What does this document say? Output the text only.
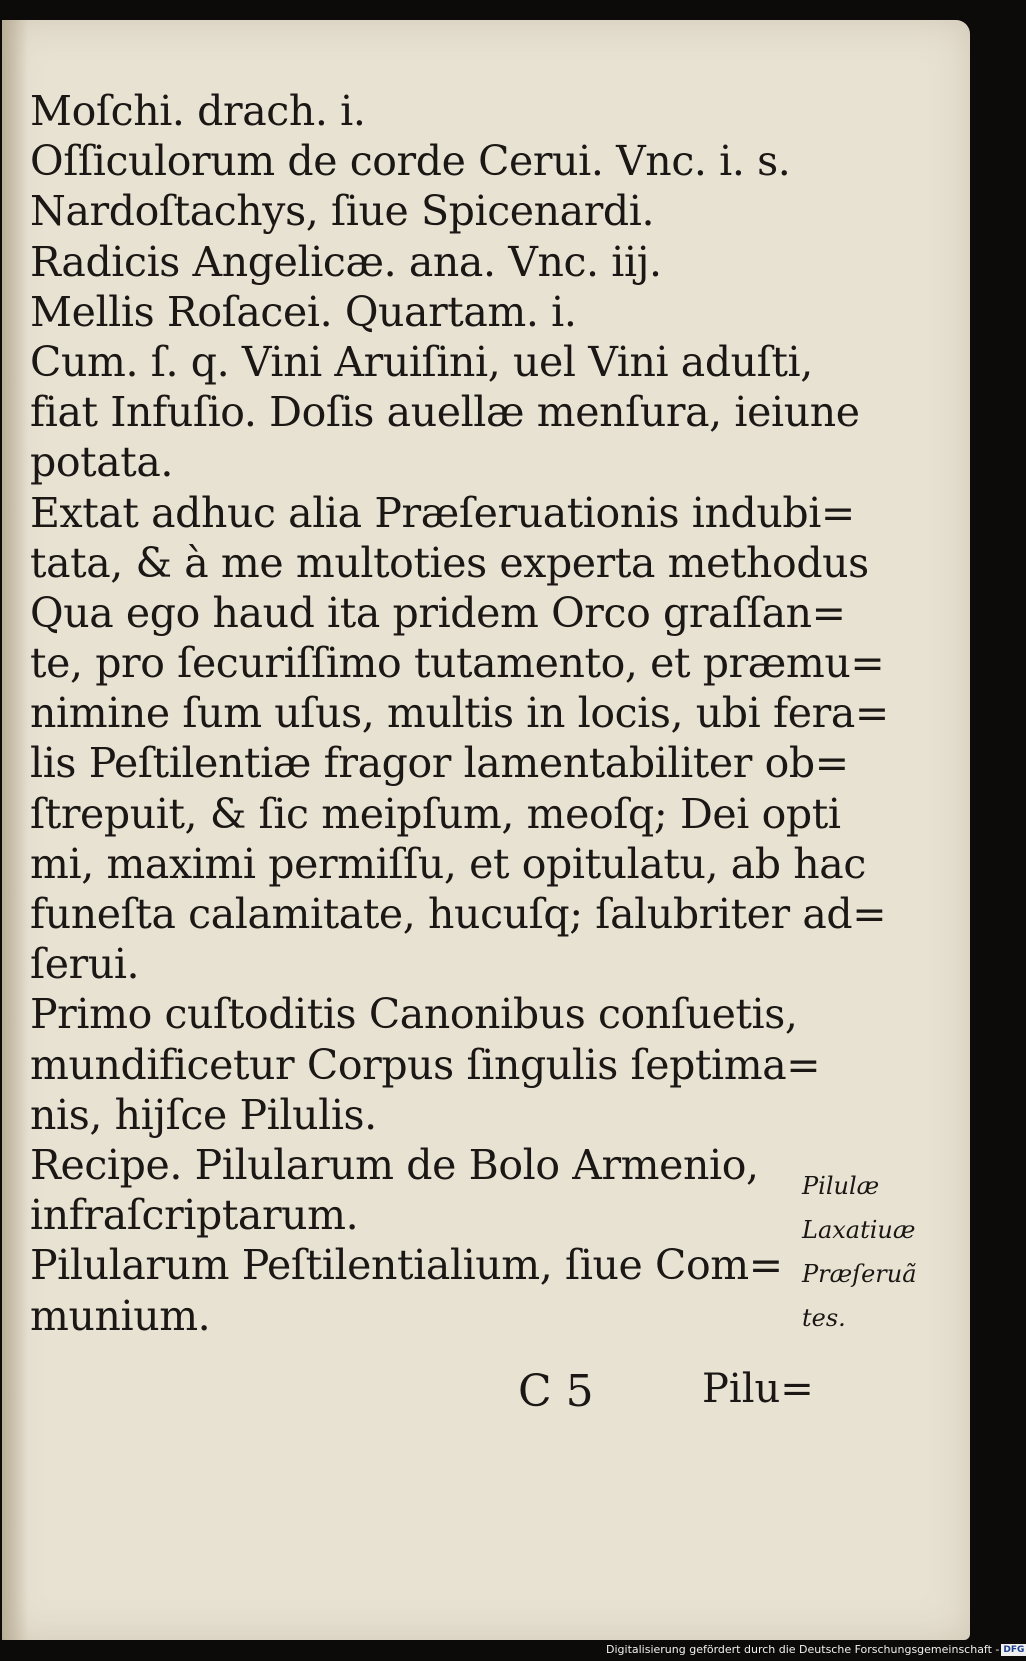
Moſchi. drach. i.
Oſſiculorum de corde Cerui. Vnc. i. s.
Nardoſtachys, ſiue Spicenardi.
Radicis Angelicæ. ana. Vnc. iij.
Mellis Roſacei. Quartam. i.
Cum. ſ. q. Vini Aruiſini, uel Vini aduſti,
fiat Infuſio. Doſis auellæ menſura, ieiune
potata.
Extat adhuc alia Præſeruationis indubi=
tata, & à me multoties experta methodus
Qua ego haud ita pridem Orco graſſan=
te, pro ſecuriſſimo tutamento, et præmu=
nimine ſum uſus, multis in locis, ubi fera=
lis Peſtilentiæ fragor lamentabiliter ob=
ſtrepuit, & ſic meipſum, meoſq; Dei opti
mi, maximi permiſſu, et opitulatu, ab hac
funeſta calamitate, hucuſq; ſalubriter ad=
ſerui.
Primo cuſtoditis Canonibus conſuetis,
mundificetur Corpus ſingulis ſeptima=
nis, hijſce Pilulis.
Recipe. Pilularum de Bolo Armenio,
infraſcriptarum.
Pilularum Peſtilentialium, ſiue Com=
munium.
Pilulæ
Laxatiuæ
Præſeruã
tes.
C 5	Pilu=
Digitalisierung gefördert durch die Deutsche Forschungsgemeinschaft - DFG
